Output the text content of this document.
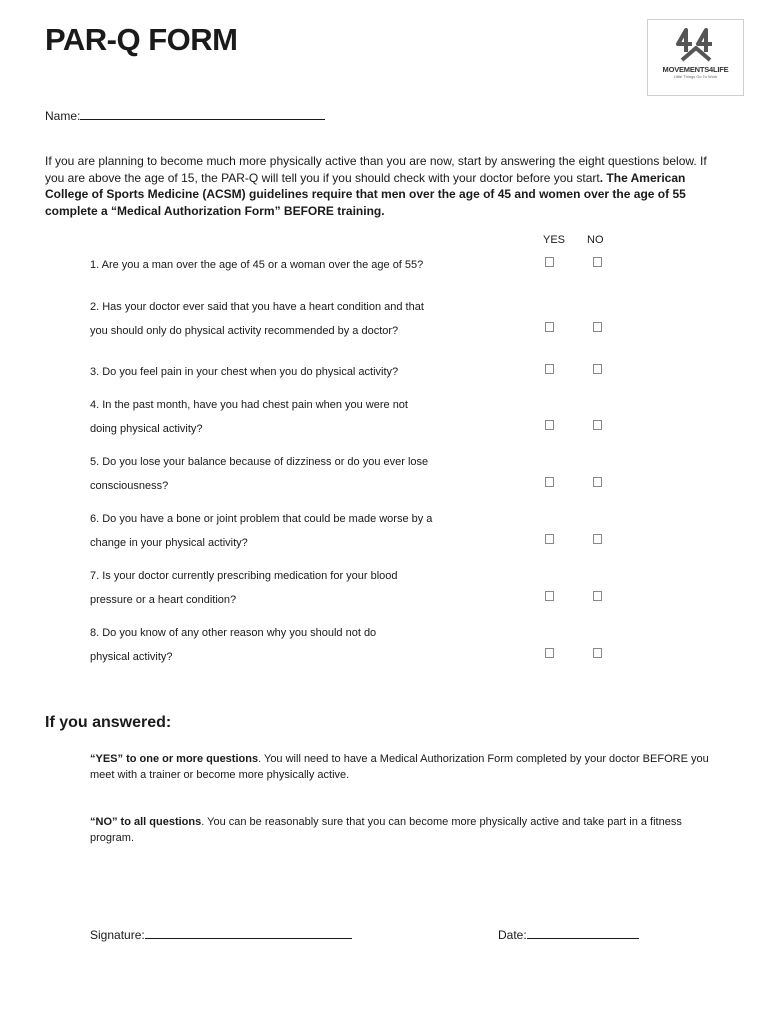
PAR-Q FORM
MOVEMENTS4LIFE
Little Things Go To Work
Name:
If you are planning to become much more physically active than you are now, start by answering the eight questions below. If you are above the age of 15, the PAR-Q will tell you if you should check with your doctor before you start. The American College of Sports Medicine (ACSM) guidelines require that men over the age of 45 and women over the age of 55 complete a “Medical Authorization Form” BEFORE training.
YES NO
1. Are you a man over the age of 45 or a woman over the age of 55?
2. Has your doctor ever said that you have a heart condition and that
you should only do physical activity recommended by a doctor?
3. Do you feel pain in your chest when you do physical activity?
4. In the past month, have you had chest pain when you were not
doing physical activity?
5. Do you lose your balance because of dizziness or do you ever lose
consciousness?
6. Do you have a bone or joint problem that could be made worse by a
change in your physical activity?
7. Is your doctor currently prescribing medication for your blood
pressure or a heart condition?
8. Do you know of any other reason why you should not do
physical activity?
If you answered:
“YES” to one or more questions. You will need to have a Medical Authorization Form completed by your doctor BEFORE you meet with a trainer or become more physically active.
“NO” to all questions. You can be reasonably sure that you can become more physically active and take part in a fitness program.
Signature:	Date:
